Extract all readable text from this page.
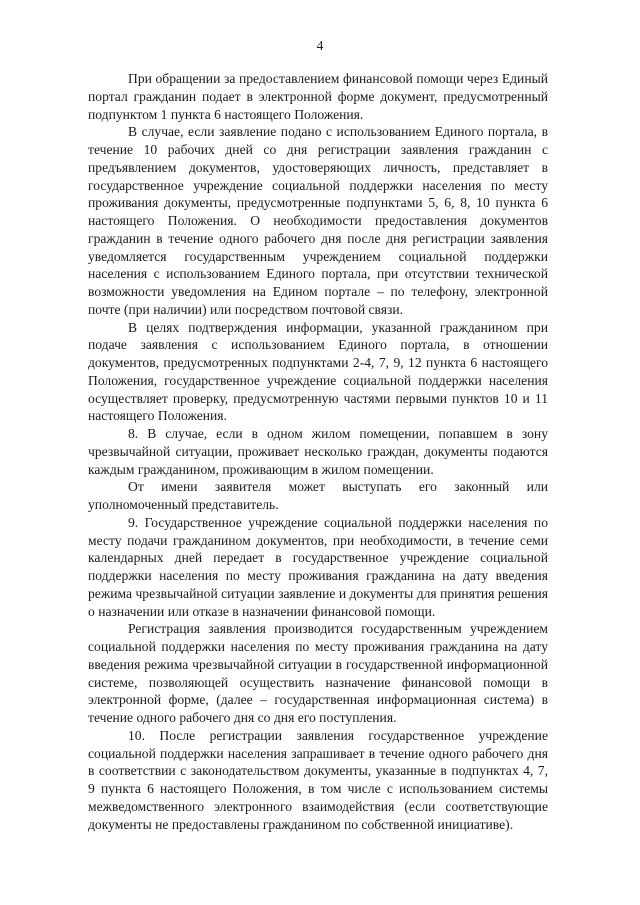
4

При обращении за предоставлением финансовой помощи через Единый портал гражданин подает в электронной форме документ, предусмотренный подпунктом 1 пункта 6 настоящего Положения.

В случае, если заявление подано с использованием Единого портала, в течение 10 рабочих дней со дня регистрации заявления гражданин с предъявлением документов, удостоверяющих личность, представляет в государственное учреждение социальной поддержки населения по месту проживания документы, предусмотренные подпунктами 5, 6, 8, 10 пункта 6 настоящего Положения. О необходимости предоставления документов гражданин в течение одного рабочего дня после дня регистрации заявления уведомляется государственным учреждением социальной поддержки населения с использованием Единого портала, при отсутствии технической возможности уведомления на Едином портале – по телефону, электронной почте (при наличии) или посредством почтовой связи.

В целях подтверждения информации, указанной гражданином при подаче заявления с использованием Единого портала, в отношении документов, предусмотренных подпунктами 2-4, 7, 9, 12 пункта 6 настоящего Положения, государственное учреждение социальной поддержки населения осуществляет проверку, предусмотренную частями первыми пунктов 10 и 11 настоящего Положения.

8. В случае, если в одном жилом помещении, попавшем в зону чрезвычайной ситуации, проживает несколько граждан, документы подаются каждым гражданином, проживающим в жилом помещении.

От имени заявителя может выступать его законный или уполномоченный представитель.

9. Государственное учреждение социальной поддержки населения по месту подачи гражданином документов, при необходимости, в течение семи календарных дней передает в государственное учреждение социальной поддержки населения по месту проживания гражданина на дату введения режима чрезвычайной ситуации заявление и документы для принятия решения о назначении или отказе в назначении финансовой помощи.

Регистрация заявления производится государственным учреждением социальной поддержки населения по месту проживания гражданина на дату введения режима чрезвычайной ситуации в государственной информационной системе, позволяющей осуществить назначение финансовой помощи в электронной форме, (далее – государственная информационная система) в течение одного рабочего дня со дня его поступления.

10. После регистрации заявления государственное учреждение социальной поддержки населения запрашивает в течение одного рабочего дня в соответствии с законодательством документы, указанные в подпунктах 4, 7, 9 пункта 6 настоящего Положения, в том числе с использованием системы межведомственного электронного взаимодействия (если соответствующие документы не предоставлены гражданином по собственной инициативе).
